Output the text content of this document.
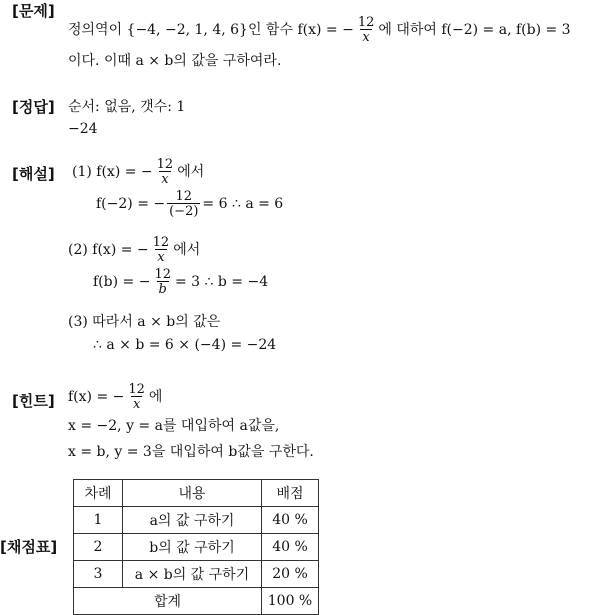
[문제]
[정답]
[해설]
[힌트]
[채점표]
정의역이 {−4, −2, 1, 4, 6}인 함수 f(x) = − $\frac{12}{x}$ 에 대하여 f(−2) = a, f(b) = 3
이다. 이때 a × b의 값을 구하여라.
순서: 없음, 갯수: 1
−24
(1) f(x) = − $\frac{12}{x}$ 에서
f(−2) = − $\frac{12}{(-2)} = 6$ ∴ a = 6
(2) f(x) = − $\frac{12}{x}$ 에서
f(b) = − $\frac{12}{b} = 3$ ∴ b = −4
(3) 따라서 a × b의 값은
∴ a × b = 6 × (−4) = −24
f(x) = − $\frac{12}{x}$ 에
x = −2, y = a를 대입하여 a값을,
x = b, y = 3을 대입하여 b값을 구한다.
차례	내용	배점
1	a의 값 구하기	40 %
2	b의 값 구하기	40 %
3	a × b의 값 구하기	20 %
합계		100 %
